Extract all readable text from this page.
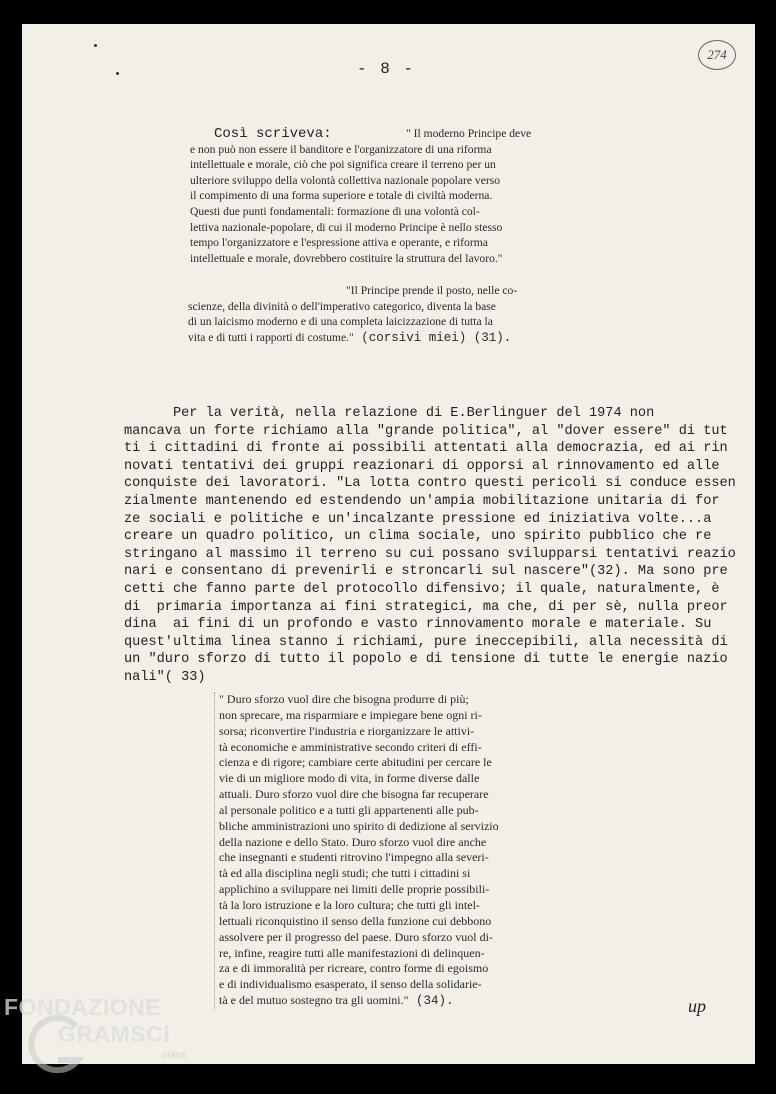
- 8 -
274
Così scriveva:	" Il moderno Principe deve
e non può non essere il banditore e l'organizzatore di una riforma
intellettuale e morale, ciò che poi significa creare il terreno per un
ulteriore sviluppo della volontà collettiva nazionale popolare verso
il compimento di una forma superiore e totale di civiltà moderna.
Questi due punti fondamentali: formazione di una volontà col-
lettiva nazionale-popolare, di cui il moderno Principe è nello stesso
tempo l'organizzatore e l'espressione attiva e operante, e riforma
intellettuale e morale, dovrebbero costituire la struttura del lavoro."
"Il Principe prende il posto, nelle co-
scienze, della divinità o dell'imperativo categorico, diventa la base
di un laicismo moderno e di una completa laicizzazione di tutta la
vita e di tutti i rapporti di costume." (corsivi miei) (31).
Per la verità, nella relazione di E.Berlinguer del 1974 non
mancava un forte richiamo alla "grande politica", al "dover essere" di tut
ti i cittadini di fronte ai possibili attentati alla democrazia, ed ai rin
novati tentativi dei gruppi reazionari di opporsi al rinnovamento ed alle
conquiste dei lavoratori. "La lotta contro questi pericoli si conduce essen
zialmente mantenendo ed estendendo un'ampia mobilitazione unitaria di for
ze sociali e politiche e un'incalzante pressione ed iniziativa volte...a
creare un quadro politico, un clima sociale, uno spirito pubblico che re
stringano al massimo il terreno su cui possano svilupparsi tentativi reazio
nari e consentano di prevenirli e stroncarli sul nascere"(32). Ma sono pre
cetti che fanno parte del protocollo difensivo; il quale, naturalmente, è
di  primaria importanza ai fini strategici, ma che, di per sè, nulla preor
dina  ai fini di un profondo e vasto rinnovamento morale e materiale. Su
quest'ultima linea stanno i richiami, pure ineccepibili, alla necessità di
un "duro sforzo di tutto il popolo e di tensione di tutte le energie nazio
nali"( 33)
" Duro sforzo vuol dire che bisogna produrre di più;
non sprecare, ma risparmiare e impiegare bene ogni ri-
sorsa; riconvertire l'industria e riorganizzare le attivi-
tà economiche e amministrative secondo criteri di effi-
cienza e di rigore; cambiare certe abitudini per cercare le
vie di un migliore modo di vita, in forme diverse dalle
attuali. Duro sforzo vuol dire che bisogna far recuperare
al personale politico e a tutti gli appartenenti alle pub-
bliche amministrazioni uno spirito di dedizione al servizio
della nazione e dello Stato. Duro sforzo vuol dire anche
che insegnanti e studenti ritrovino l'impegno alla severi-
tà ed alla disciplina negli studi; che tutti i cittadini si
applichino a sviluppare nei limiti delle proprie possibili-
tà la loro istruzione e la loro cultura; che tutti gli intel-
lettuali riconquistino il senso della funzione cui debbono
assolvere per il progresso del paese. Duro sforzo vuol di-
re, infine, reagire tutti alle manifestazioni di delinquen-
za e di immoralità per ricreare, contro forme di egoismo
e di individualismo esasperato, il senso della solidarie-
tà e del mutuo sostegno tra gli uomini." (34).	up
FONDAZIONE
GRAMSCI
onlus
